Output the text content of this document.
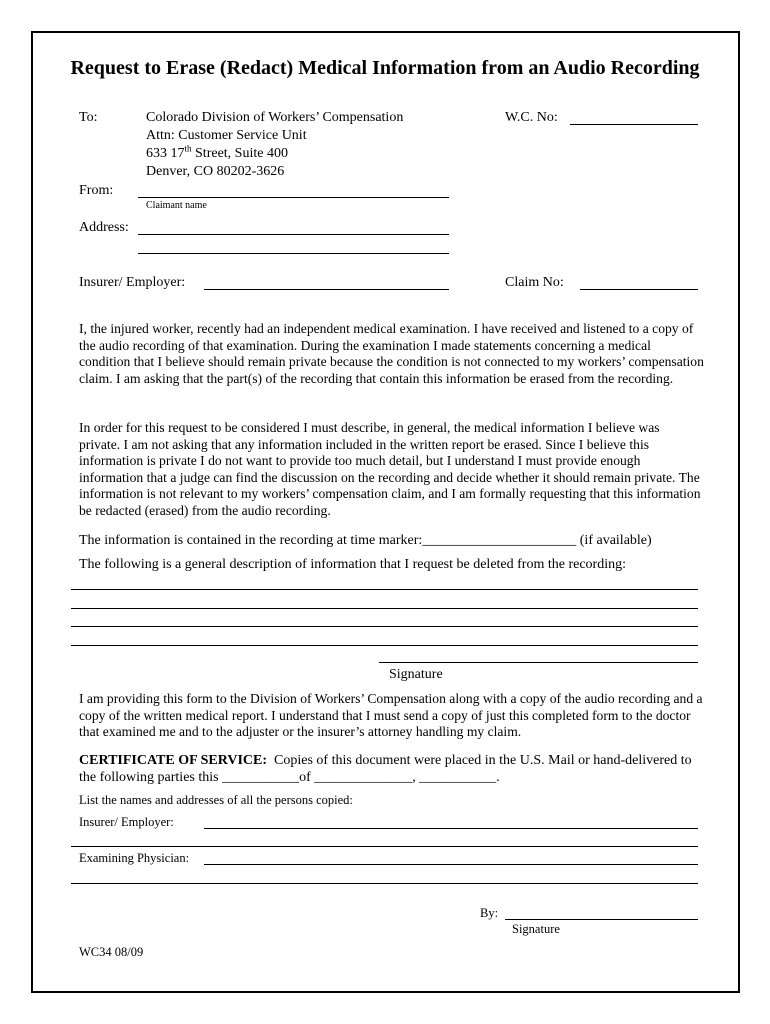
Request to Erase (Redact) Medical Information from an Audio Recording
To:	Colorado Division of Workers’ Compensation
Attn: Customer Service Unit
633 17th Street, Suite 400
Denver, CO 80202-3626
W.C. No:
From:
Claimant name
Address:
Insurer/ Employer:	Claim No:

I, the injured worker, recently had an independent medical examination. I have received and listened to a copy of the audio recording of that examination. During the examination I made statements concerning a medical condition that I believe should remain private because the condition is not connected to my workers’ compensation claim. I am asking that the part(s) of the recording that contain this information be erased from the recording.

In order for this request to be considered I must describe, in general, the medical information I believe was private. I am not asking that any information included in the written report be erased. Since I believe this information is private I do not want to provide too much detail, but I understand I must provide enough information that a judge can find the discussion on the recording and decide whether it should remain private. The information is not relevant to my workers’ compensation claim, and I am formally requesting that this information be redacted (erased) from the audio recording.

The information is contained in the recording at time marker:______________________ (if available)
The following is a general description of information that I request be deleted from the recording:
Signature

I am providing this form to the Division of Workers’ Compensation along with a copy of the audio recording and a copy of the written medical report. I understand that I must send a copy of just this completed form to the doctor that examined me and to the adjuster or the insurer’s attorney handling my claim.

CERTIFICATE OF SERVICE:  Copies of this document were placed in the U.S. Mail or hand-delivered to
the following parties this ___________of ______________, ___________.
List the names and addresses of all the persons copied:
Insurer/ Employer:
Examining Physician:
By:
Signature
WC34 08/09
